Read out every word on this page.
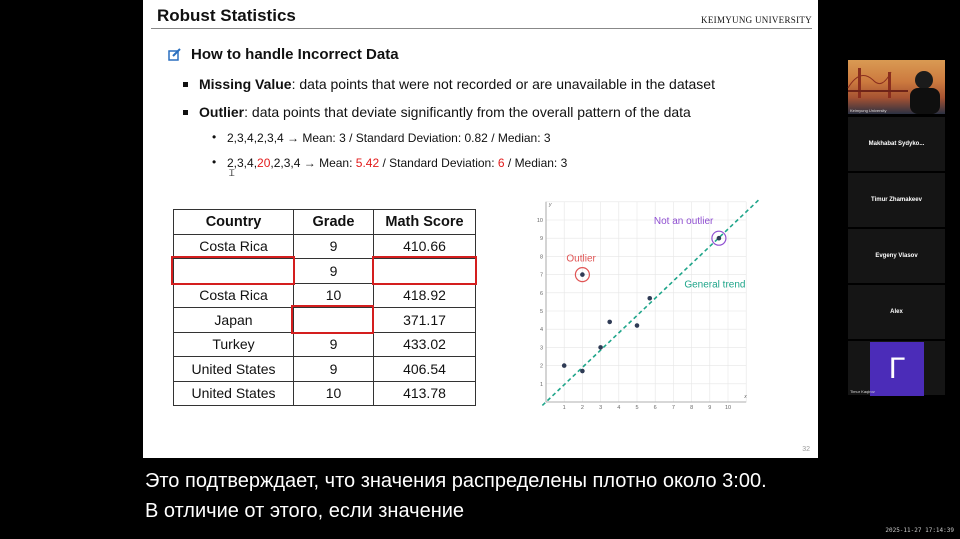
Robust Statistics	KEIMYUNG UNIVERSITY
How to handle Incorrect Data
Missing Value: data points that were not recorded or are unavailable in the dataset
Outlier: data points that deviate significantly from the overall pattern of the data
• 2,3,4,2,3,4 → Mean: 3 / Standard Deviation: 0.82 / Median: 3
• 2,3,4,20,2,3,4 → Mean: 5.42 / Standard Deviation: 6 / Median: 3
Ꮖ
Country	Grade	Math Score
Costa Rica	9	410.66
	9	
Costa Rica	10	418.92
Japan		371.17
Turkey	9	433.02
United States	9	406.54
United States	10	413.78
1	2	3	4	5	6	7	8	9 10
1
2
3
4
5
6
7
8
9
10
x
y
Outlier
Not an outlier
General trend
32
Keimyung University
Makhabat Sydyko...
Timur Zhamakeev
Evgeny Vlasov
Alex
Г
Timur Kaqirov
Это подтверждает, что значения распределены плотно около 3:00.
В отличие от этого, если значение
2025-11-27 17:14:39
